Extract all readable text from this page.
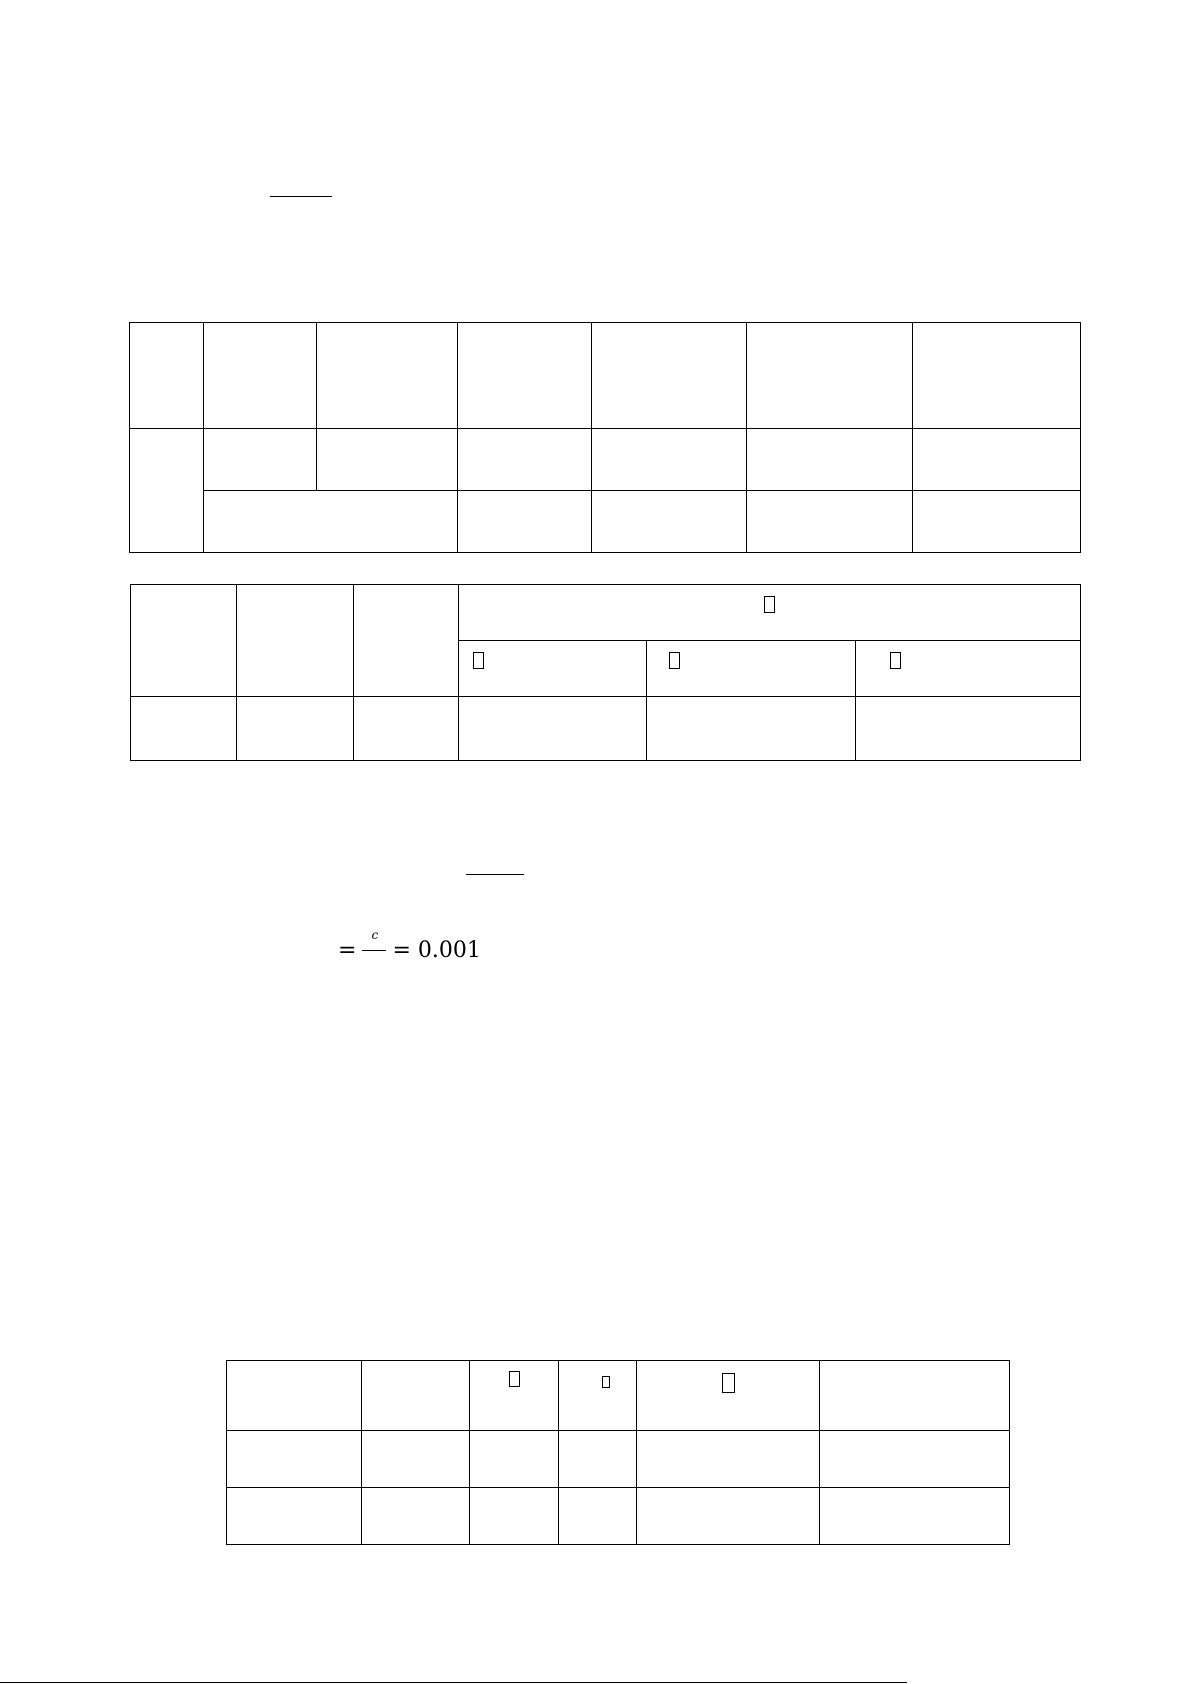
=
c
= 0.001
